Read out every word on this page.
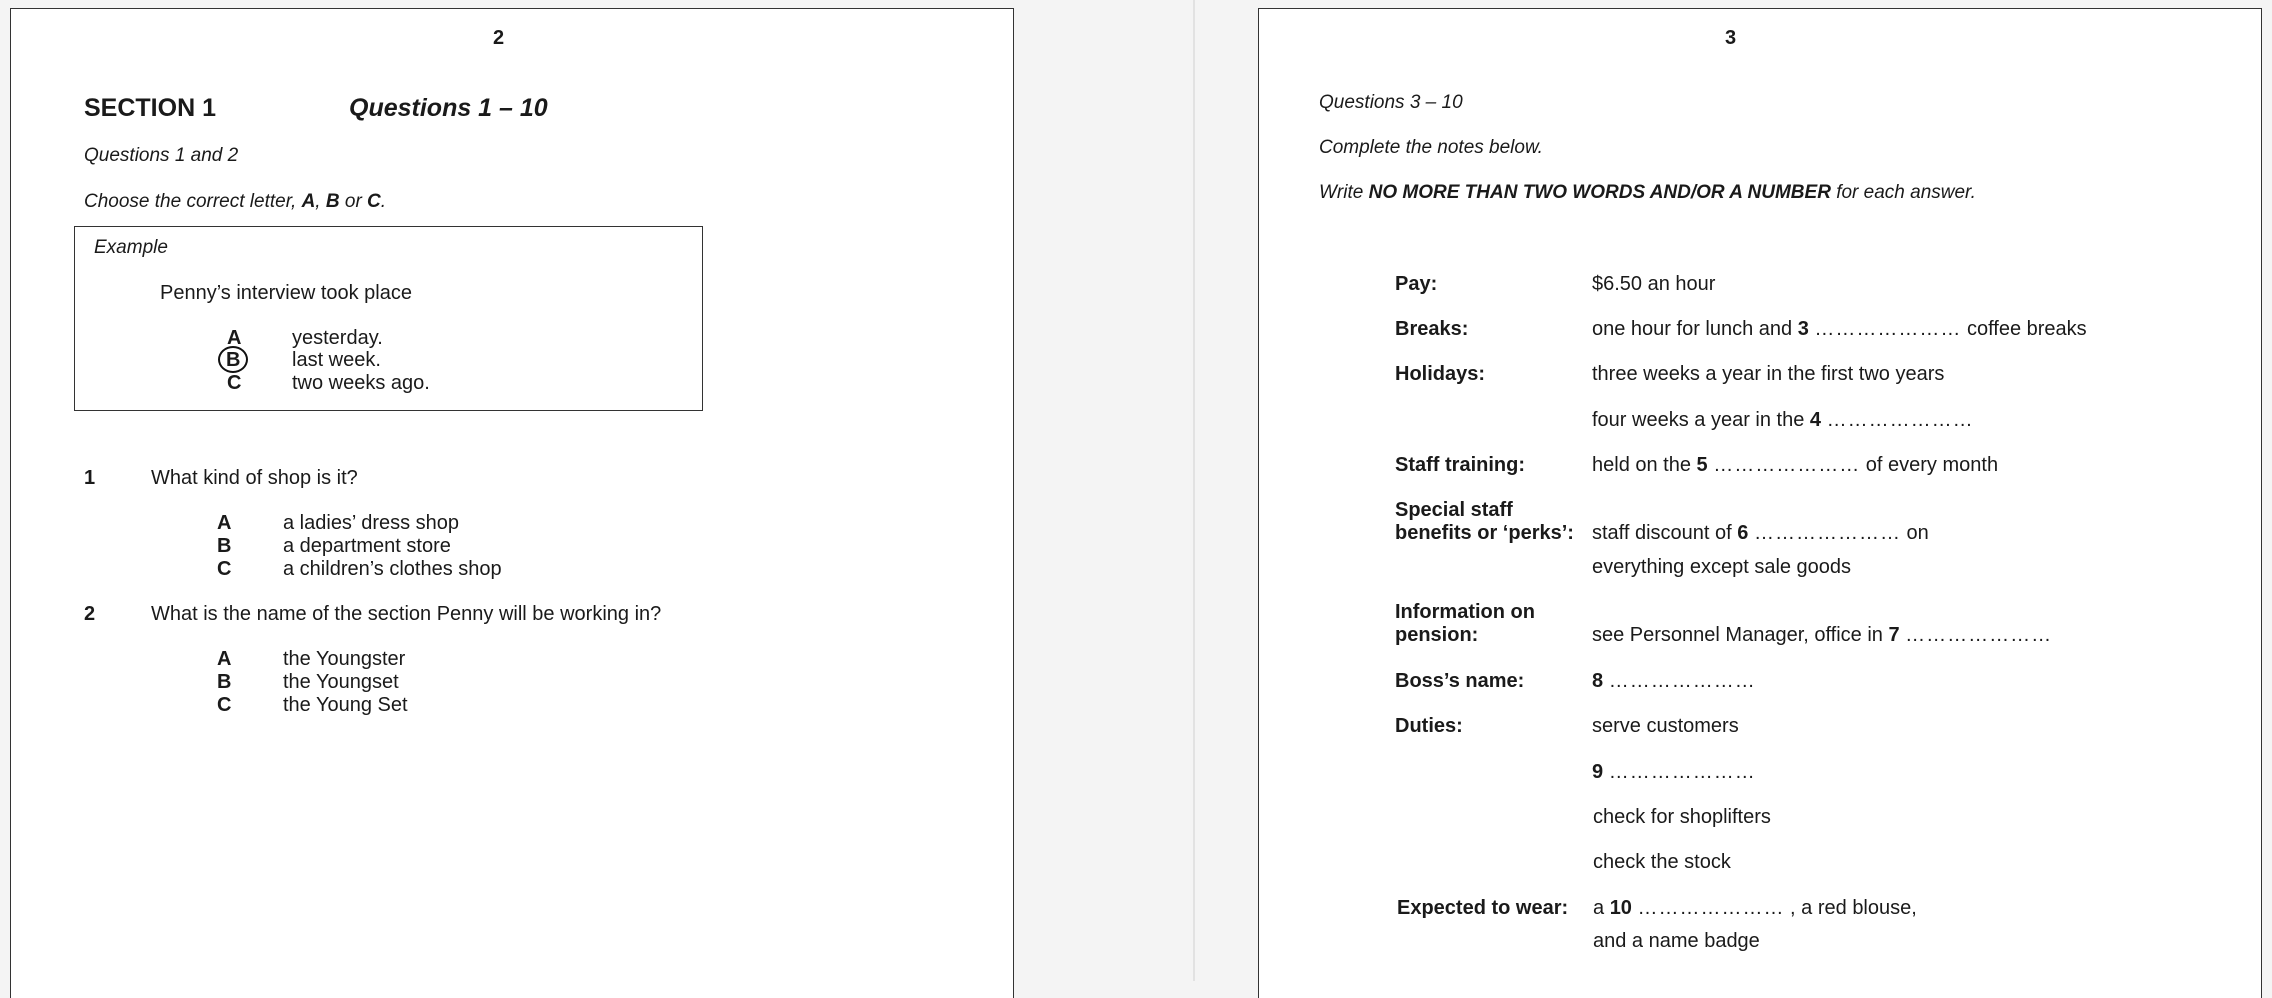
2
SECTION 1	Questions 1 – 10
Questions 1 and 2
Choose the correct letter, A, B or C.
Example
Penny’s interview took place
A	yesterday.
B	last week.
C	two weeks ago.
1	What kind of shop is it?
A	a ladies’ dress shop
B	a department store
C	a children’s clothes shop
2	What is the name of the section Penny will be working in?
A	the Youngster
B	the Youngset
C	the Young Set
3
Questions 3 – 10
Complete the notes below.
Write NO MORE THAN TWO WORDS AND/OR A NUMBER for each answer.
Pay:	$6.50 an hour
Breaks:	one hour for lunch and 3 ………………… coffee breaks
Holidays:	three weeks a year in the first two years
four weeks a year in the 4 …………………
Staff training:	held on the 5 ………………… of every month
Special staff
benefits or ‘perks’: staff discount of 6 ………………… on
everything except sale goods
Information on
pension:	see Personnel Manager, office in 7 …………………
Boss’s name:	8 …………………
Duties:	serve customers
9 …………………
check for shoplifters
check the stock
Expected to wear: a 10 ………………… , a red blouse,
and a name badge
